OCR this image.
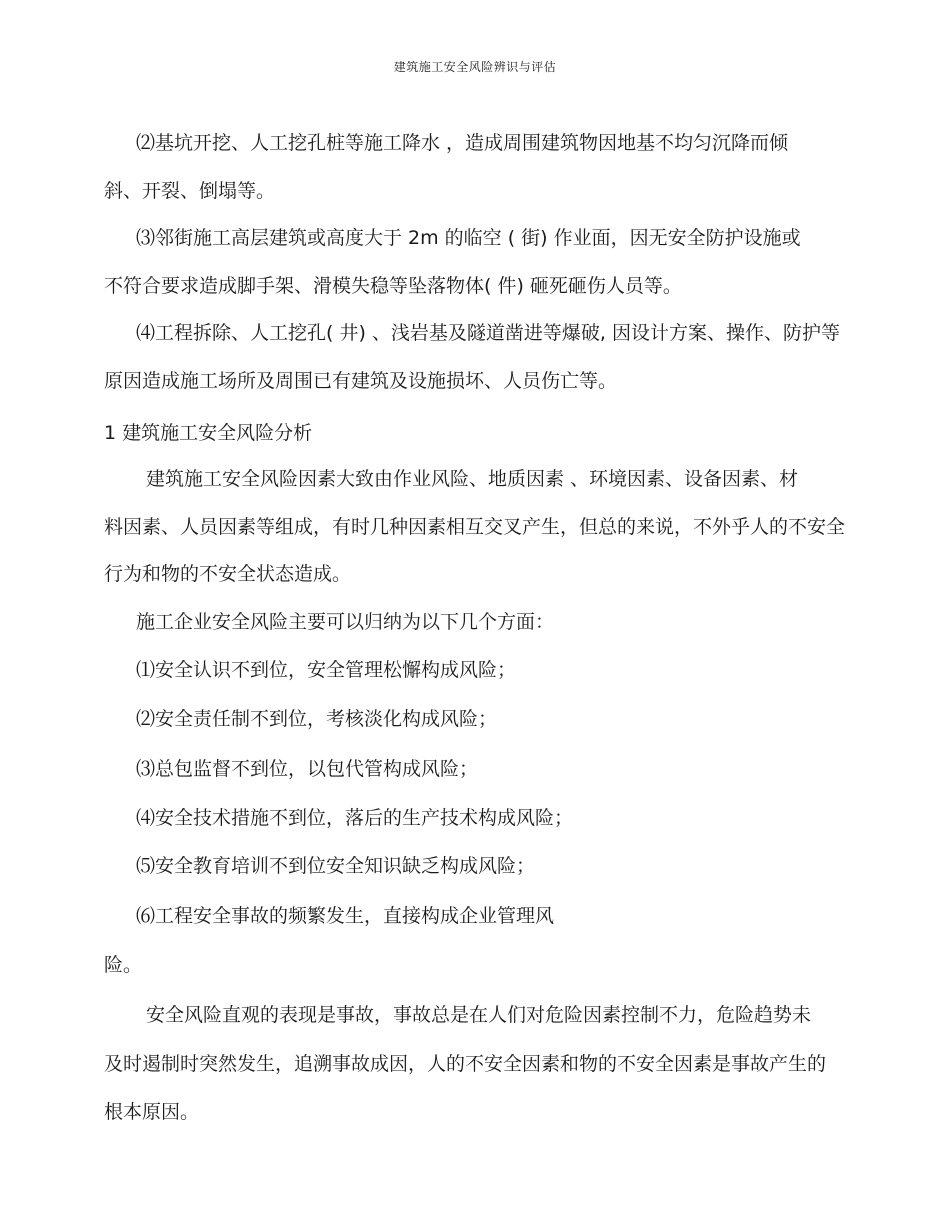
建筑施工安全风险辨识与评估
⑵基坑开挖、人工挖孔桩等施工降水 ，造成周围建筑物因地基不均匀沉降而倾
斜、开裂、倒塌等。
⑶邻街施工高层建筑或高度大于 2m 的临空 ( 街) 作业面，因无安全防护设施或
不符合要求造成脚手架、滑模失稳等坠落物体( 件) 砸死砸伤人员等。
⑷工程拆除、人工挖孔( 井) 、浅岩基及隧道凿进等爆破, 因设计方案、操作、防护等
原因造成施工场所及周围已有建筑及设施损坏、人员伤亡等。
1 建筑施工安全风险分析
建筑施工安全风险因素大致由作业风险、地质因素 、环境因素、设备因素、材
料因素、人员因素等组成，有时几种因素相互交叉产生，但总的来说，不外乎人的不安全
行为和物的不安全状态造成。
施工企业安全风险主要可以归纳为以下几个方面：
⑴安全认识不到位，安全管理松懈构成风险；
⑵安全责任制不到位，考核淡化构成风险；
⑶总包监督不到位，以包代管构成风险；
⑷安全技术措施不到位，落后的生产技术构成风险；
⑸安全教育培训不到位安全知识缺乏构成风险；
⑹工程安全事故的频繁发生，直接构成企业管理风
险。
安全风险直观的表现是事故，事故总是在人们对危险因素控制不力，危险趋势未
及时遏制时突然发生，追溯事故成因，人的不安全因素和物的不安全因素是事故产生的
根本原因。
